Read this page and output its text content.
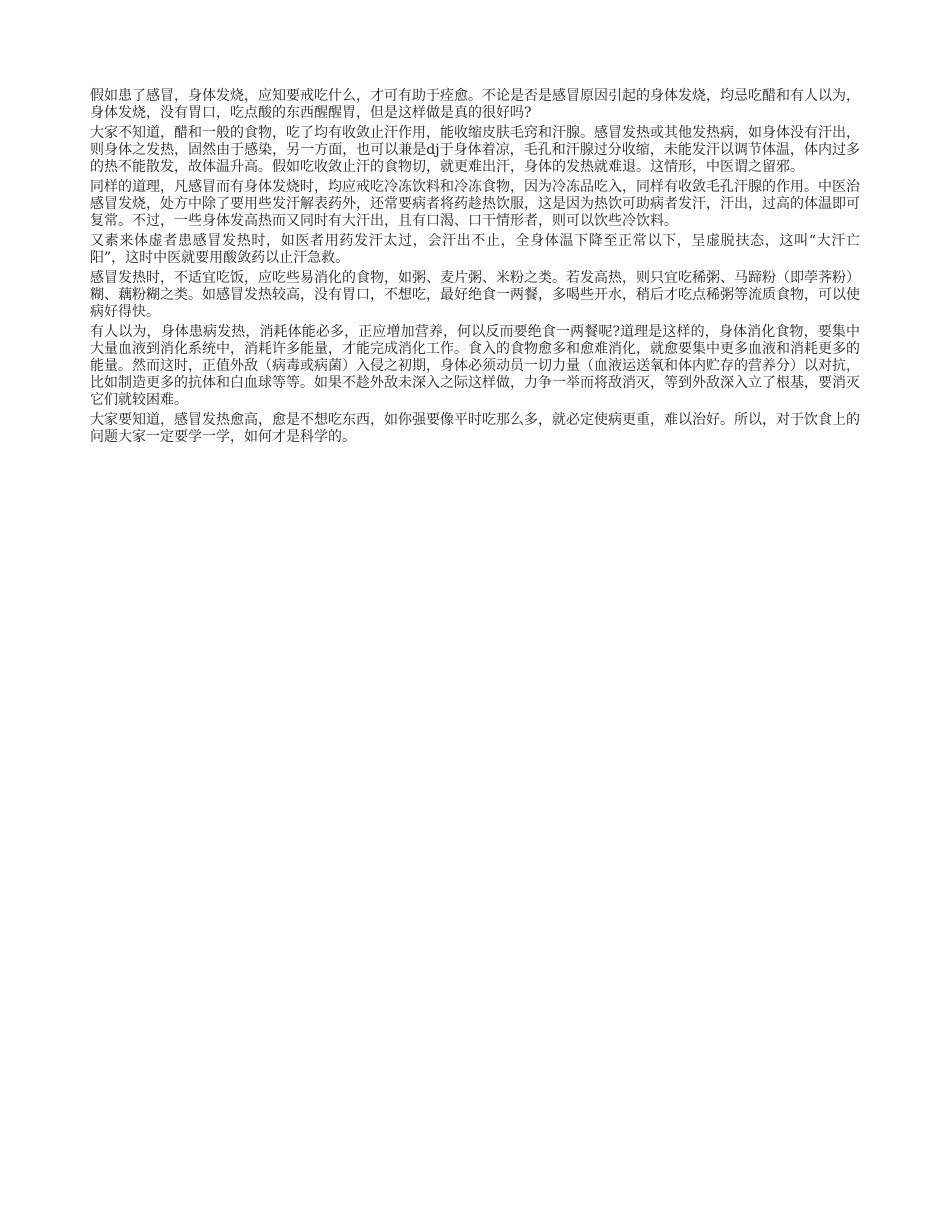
假如患了感冒，身体发烧，应知要戒吃什么，才可有助于痊愈。不论是否是感冒原因引起的身体发烧，均忌吃醋和有人以为，身体发烧，没有胃口，吃点酸的东西醒醒胃，但是这样做是真的很好吗?

大家不知道，醋和一般的食物，吃了均有收敛止汗作用，能收缩皮肤毛窍和汗腺。感冒发热或其他发热病，如身体没有汗出，则身体之发热，固然由于感染，另一方面，也可以兼是dj于身体着凉，毛孔和汗腺过分收缩，未能发汗以调节体温，体内过多的热不能散发，故体温升高。假如吃收敛止汗的食物切，就更难出汗，身体的发热就难退。这情形，中医谓之留邪。

同样的道理，凡感冒而有身体发烧时，均应戒吃冷冻饮料和冷冻食物，因为冷冻品吃入，同样有收敛毛孔汗腺的作用。中医治感冒发烧，处方中除了要用些发汗解表药外，还常要病者将药趁热饮服，这是因为热饮可助病者发汗，汗出，过高的体温即可复常。不过，一些身体发高热而又同时有大汗出，且有口渴、口干情形者，则可以饮些冷饮料。

又素来体虚者患感冒发热时，如医者用药发汗太过，会汗出不止，全身体温下降至正常以下，呈虚脱扶态，这叫“大汗亡阳”，这时中医就要用酸敛药以止汗急救。

感冒发热时，不适宜吃饭，应吃些易消化的食物，如粥、麦片粥、米粉之类。若发高热，则只宜吃稀粥、马蹄粉（即荸荠粉）糊、藕粉糊之类。如感冒发热较高，没有胃口，不想吃，最好绝食一两餐，多喝些开水，稍后才吃点稀粥等流质食物，可以使病好得快。

有人以为，身体患病发热，消耗体能必多，正应增加营养，何以反而要绝食一两餐呢?道理是这样的，身体消化食物，要集中大量血液到消化系统中，消耗许多能量，才能完成消化工作。食入的食物愈多和愈难消化，就愈要集中更多血液和消耗更多的能量。然而这时，正值外敌（病毒或病菌）入侵之初期，身体必须动员一切力量（血液运送氧和体内贮存的营养分）以对抗，比如制造更多的抗体和白血球等等。如果不趁外敌未深入之际这样做，力争一举而将敌消灭，等到外敌深入立了根基，要消灭它们就较困难。

大家要知道，感冒发热愈高，愈是不想吃东西，如你强要像平时吃那么多，就必定使病更重，难以治好。所以，对于饮食上的问题大家一定要学一学，如何才是科学的。
